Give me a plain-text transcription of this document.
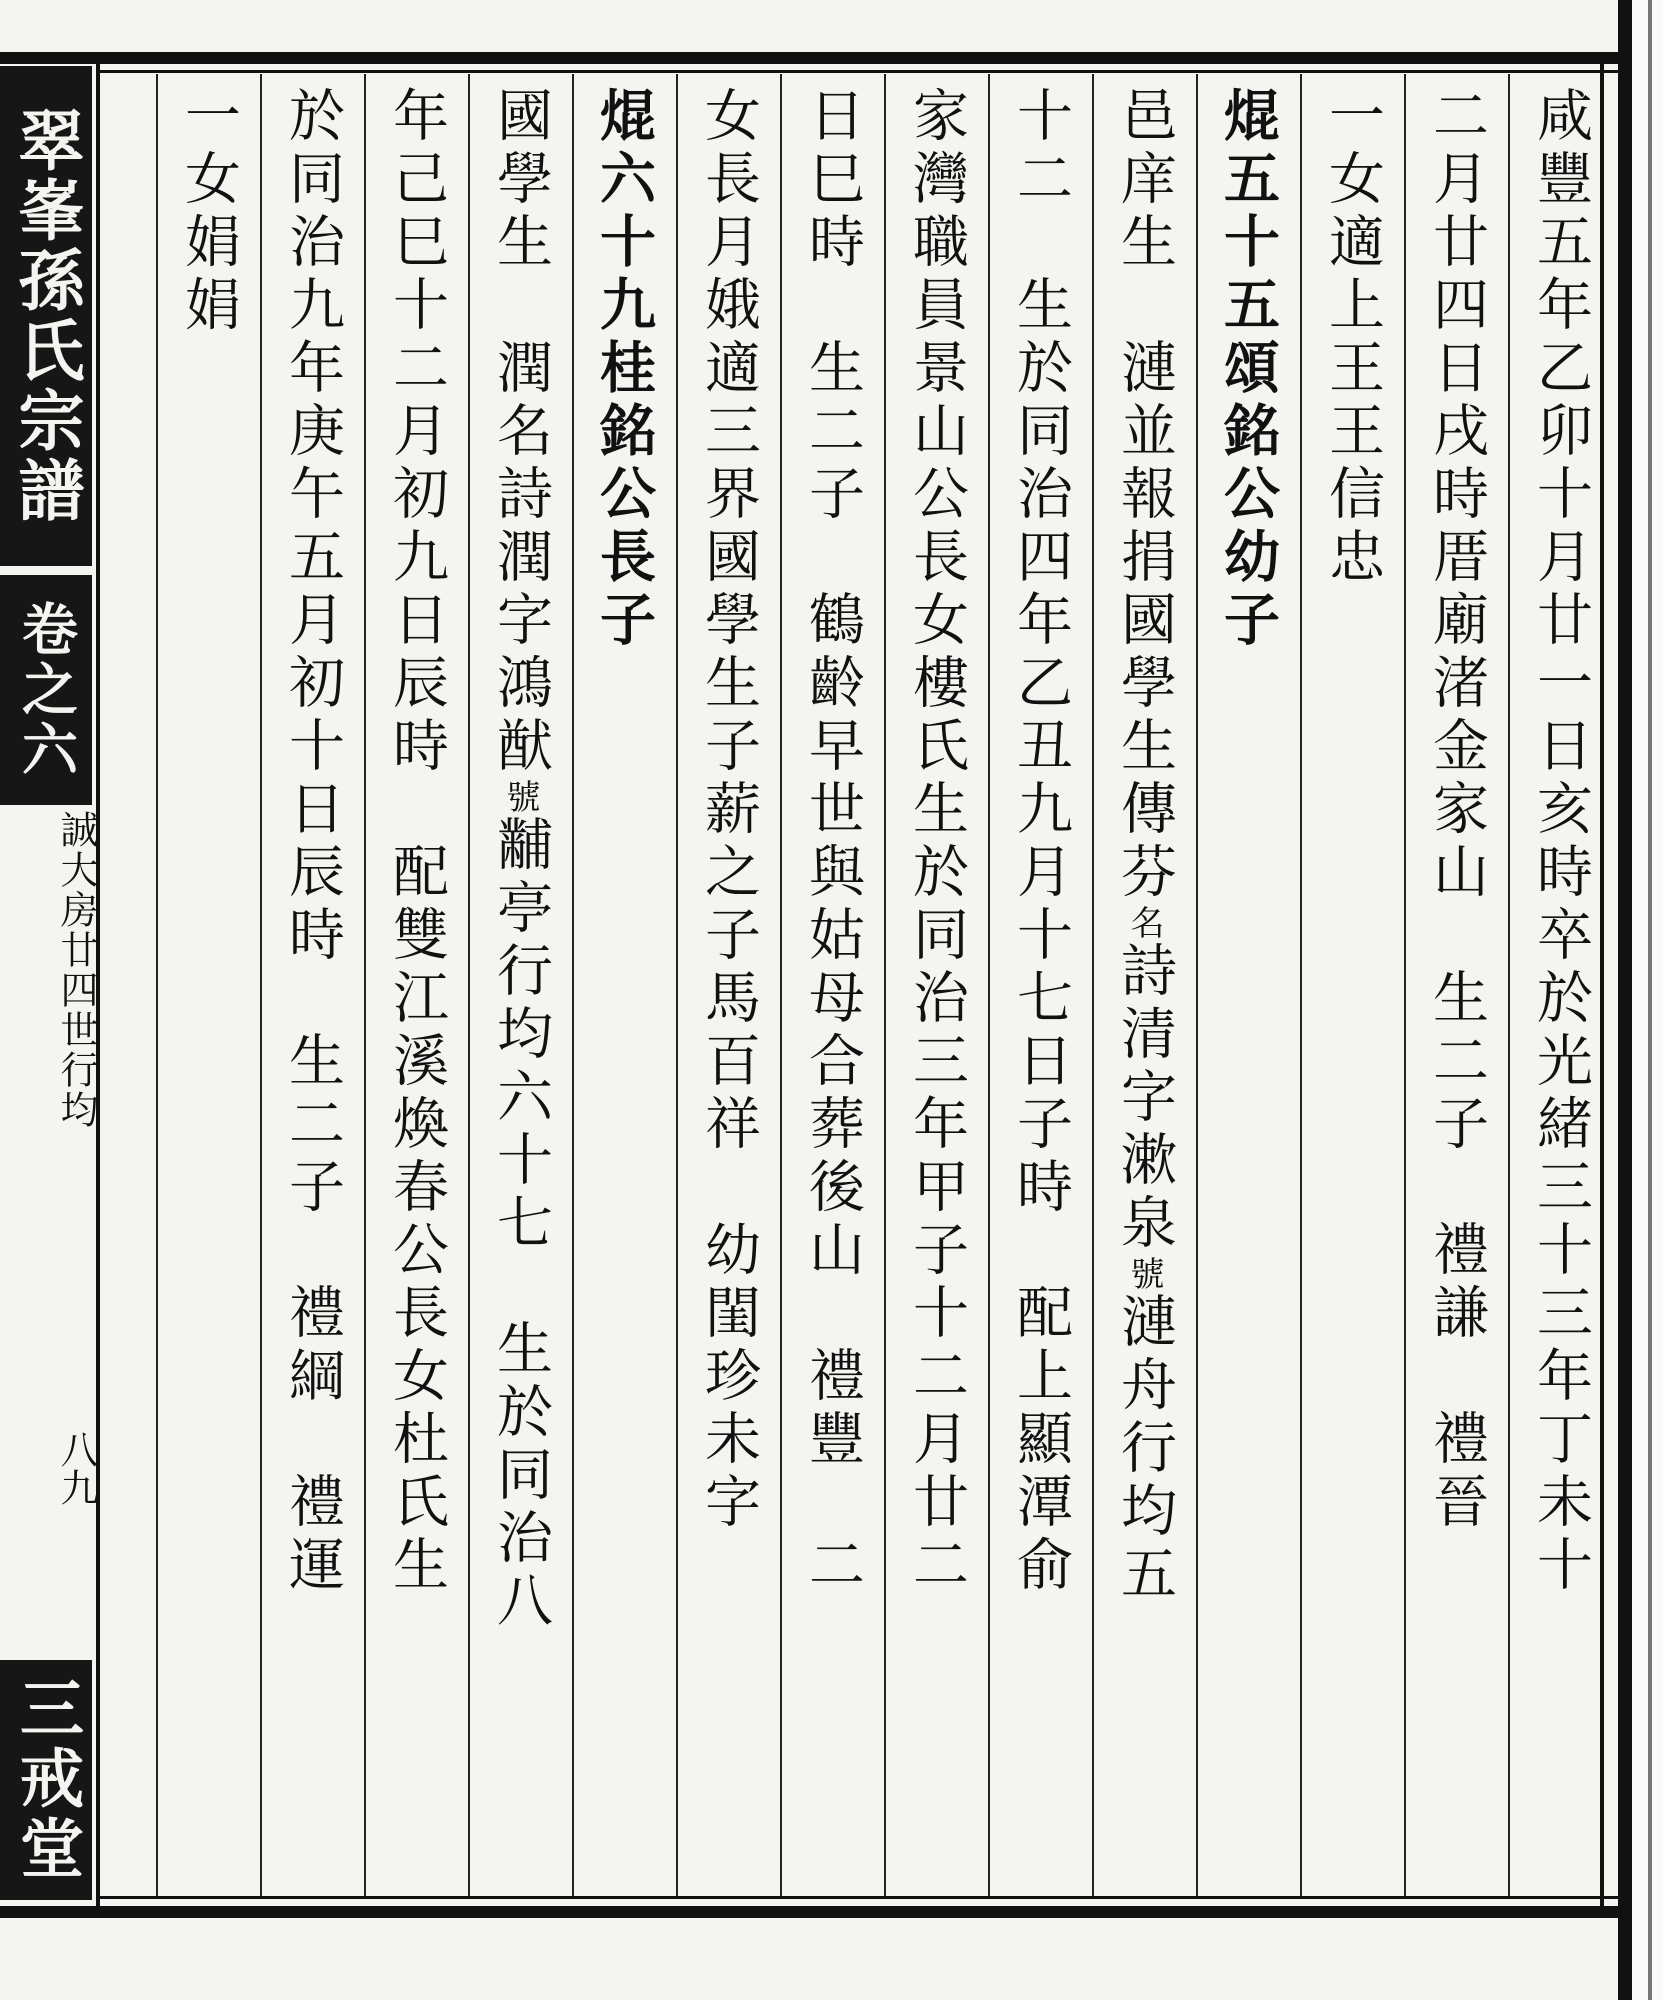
翠峯孫氏宗譜
卷之六
誠大房廿四世行均
八九
三戒堂
咸豐五年乙卯十月廿一日亥時卒於光緒三十三年丁未十
二月廿四日戌時厝廟渚金家山　生二子　禮謙　禮晉
一女適上王王信忠
焜五十五頌銘公幼子
邑庠生　漣並報捐國學生傳芬名詩清字漱泉號漣舟行均五
十二　生於同治四年乙丑九月十七日子時　配上顯潭俞
家灣職員景山公長女樓氏生於同治三年甲子十二月廿二
日巳時　生二子　鶴齡早世與姑母合葬後山　禮豐　二
女長月娥適三界國學生子薪之子馬百祥　幼閨珍未字
焜六十九桂銘公長子
國學生　潤名詩潤字鴻猷號黼亭行均六十七　生於同治八
年己巳十二月初九日辰時　配雙江溪煥春公長女杜氏生
於同治九年庚午五月初十日辰時　生二子　禮綱　禮運
一女娟娟
